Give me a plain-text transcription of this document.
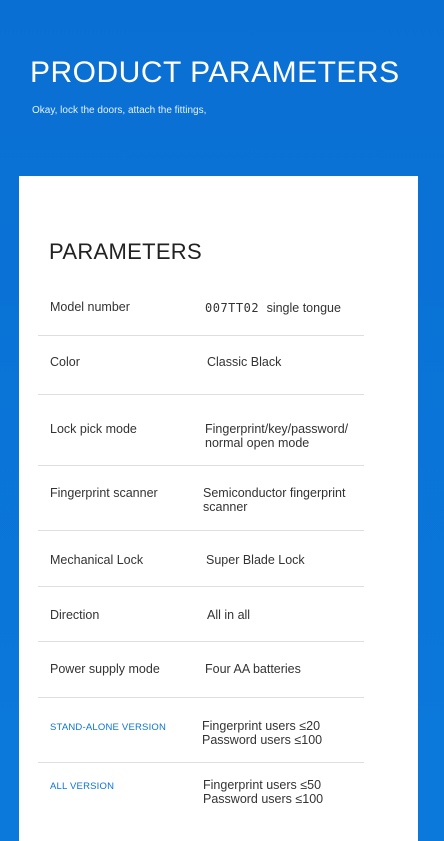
PRODUCT PARAMETERS
Okay, lock the doors, attach the fittings,
PARAMETERS
Model number	007TT02 single tongue
Color	Classic Black
Lock pick mode	Fingerprint/key/password/
normal open mode
Fingerprint scanner	Semiconductor fingerprint
scanner
Mechanical Lock	Super Blade Lock
Direction	All in all
Power supply mode	Four AA batteries
STAND-ALONE VERSION	Fingerprint users ≤20
Password users ≤100
ALL VERSION	Fingerprint users ≤50
Password users ≤100
